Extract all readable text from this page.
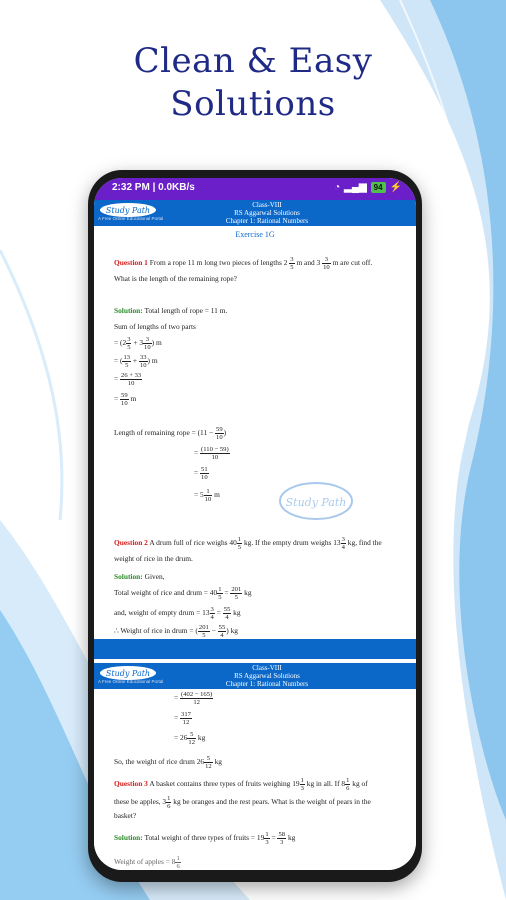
Clean & Easy
Solutions
2:32 PM | 0.0KB/s	◔ ▂▄▆ 94 ⚡
Study Path
A Free Online Educational Portal
Class-VIII
RS Aggarwal Solutions
Chapter 1: Rational Numbers
Exercise 1G
Question 1 From a rope 11 m long two pieces of lengths $2 \frac{3}{5}$ m and $3 \frac{3}{10}$ m are cut off.
What is the length of the remaining rope?
Solution: Total length of rope = 11 m.
Sum of lengths of two parts
= ($2 \frac{3}{5} + 3 \frac{3}{10}$ ) m
= ( $\frac{13}{5} + \frac{33}{10}$ ) m
= $\frac{26 + 33}{10}$
= $\frac{59}{10}$ m
Length of remaining rope = ($11 - \frac{59}{10}$ )
= $\frac{(110 - 59)}{10}$
= $\frac{51}{10}$
= $5 \frac{1}{10}$ m
Study Path
Question 2 A drum full of rice weighs $40 \frac{1}{5}$ kg. If the empty drum weighs $13 \frac{3}{4}$ kg, find the
weight of rice in the drum.
Solution: Given,
Total weight of rice and drum = $40 \frac{1}{5} = \frac{201}{5}$ kg
and, weight of empty drum = $13 \frac{3}{4} = \frac{55}{4}$ kg
∴ Weight of rice in drum = ( $\frac{201}{5} - \frac{55}{4}$ ) kg
Study Path
A Free Online Educational Portal
Class-VIII
RS Aggarwal Solutions
Chapter 1: Rational Numbers
= $\frac{(402 - 165)}{12}$
= $\frac{317}{12}$
= $26 \frac{5}{12}$ kg
So, the weight of rice drum $26 \frac{5}{12}$ kg
Question 3 A basket contains three types of fruits weighing $19 \frac{1}{3}$ kg in all. If $8 \frac{1}{6}$ kg of
these be apples, $3 \frac{1}{6}$ kg be oranges and the rest pears. What is the weight of pears in the
basket?
Solution: Total weight of three types of fruits = $19 \frac{1}{3} = \frac{58}{3}$ kg
Weight of apples = $8 \frac{1}{6}$
